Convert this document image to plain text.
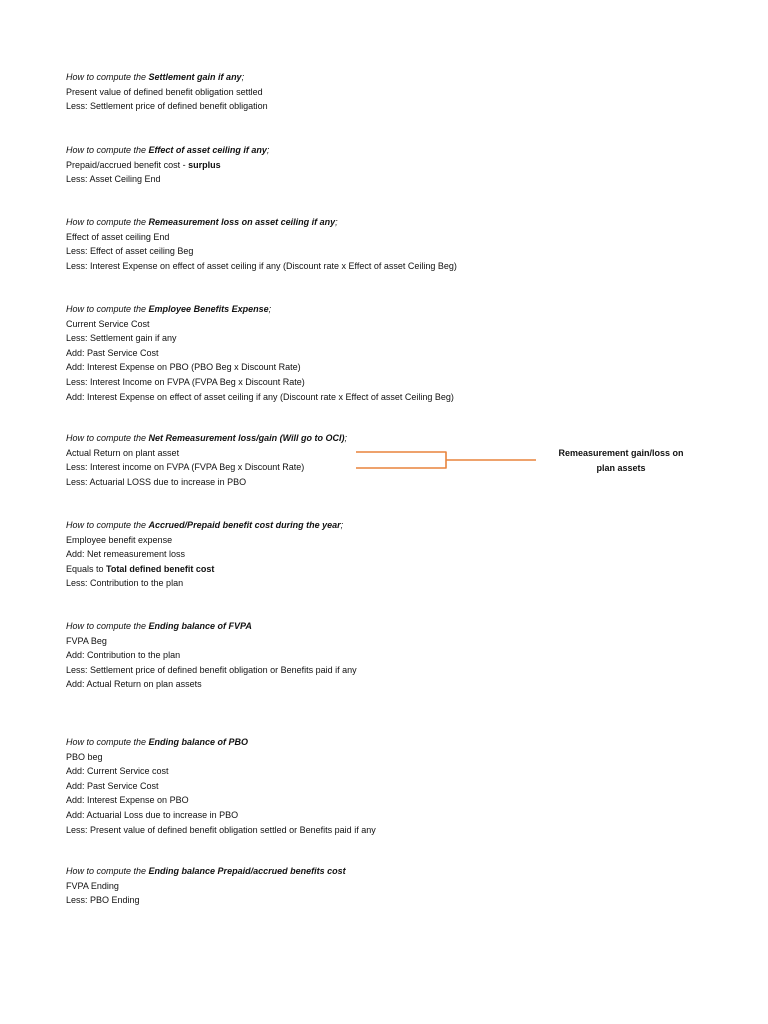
How to compute the Settlement gain if any;
Present value of defined benefit obligation settled
Less: Settlement price of defined benefit obligation
How to compute the Effect of asset ceiling if any;
Prepaid/accrued benefit cost - surplus
Less: Asset Ceiling End
How to compute the Remeasurement loss on asset ceiling if any;
Effect of asset ceiling End
Less: Effect of asset ceiling Beg
Less: Interest Expense on effect of asset ceiling if any (Discount rate x Effect of asset Ceiling Beg)
How to compute the Employee Benefits Expense;
Current Service Cost
Less: Settlement gain if any
Add: Past Service Cost
Add: Interest Expense on PBO (PBO Beg x Discount Rate)
Less: Interest Income on FVPA (FVPA Beg x Discount Rate)
Add: Interest Expense on effect of asset ceiling if any (Discount rate x Effect of asset Ceiling Beg)
How to compute the Net Remeasurement loss/gain (Will go to OCI);
Actual Return on plant asset
Less: Interest income on FVPA (FVPA Beg x Discount Rate)
Less: Actuarial LOSS due to increase in PBO
How to compute the Accrued/Prepaid benefit cost during the year;
Employee benefit expense
Add: Net remeasurement loss
Equals to Total defined benefit cost
Less: Contribution to the plan
How to compute the Ending balance of FVPA
FVPA Beg
Add: Contribution to the plan
Less: Settlement price of defined benefit obligation or Benefits paid if any
Add: Actual Return on plan assets
How to compute the Ending balance of PBO
PBO beg
Add: Current Service cost
Add: Past Service Cost
Add: Interest Expense on PBO
Add: Actuarial Loss due to increase in PBO
Less: Present value of defined benefit obligation settled or Benefits paid if any
How to compute the Ending balance Prepaid/accrued benefits cost
FVPA Ending
Less: PBO Ending
Remeasurement gain/loss on
plan assets
